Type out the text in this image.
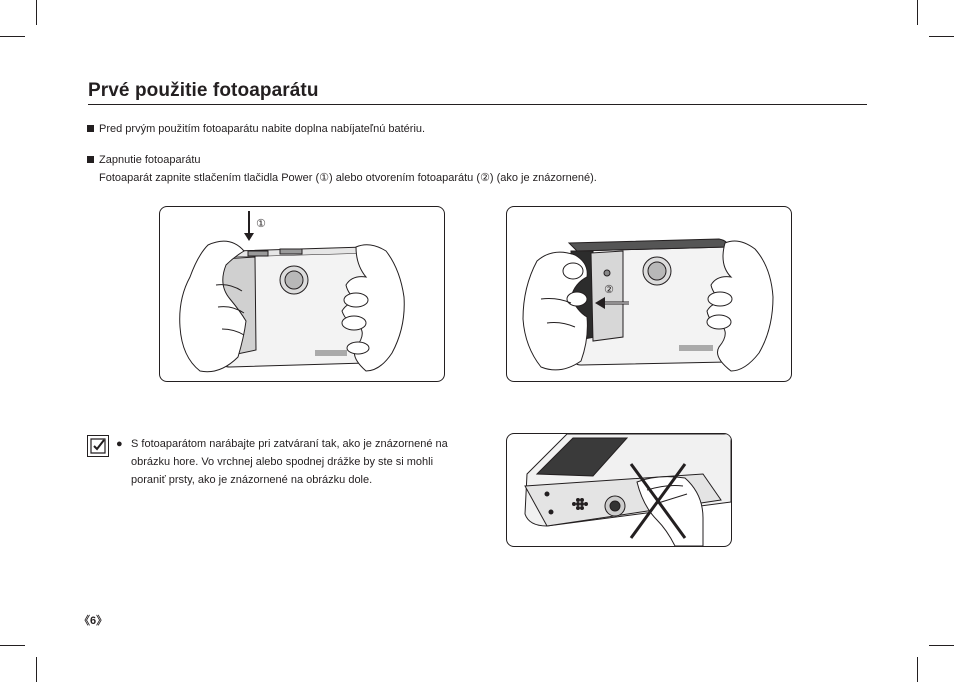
Prvé použitie fotoaparátu
Pred prvým použitím fotoaparátu nabite doplna nabíjateľnú batériu.
Zapnutie fotoaparátu
Fotoaparát zapnite stlačením tlačidla Power (①) alebo otvorením fotoaparátu (②) (ako je znázornené).
①
②
● S fotoaparátom narábajte pri zatváraní tak, ako je znázornené na obrázku hore. Vo vrchnej alebo spodnej drážke by ste si mohli poraniť prsty, ako je znázornené na obrázku dole.
《6》
